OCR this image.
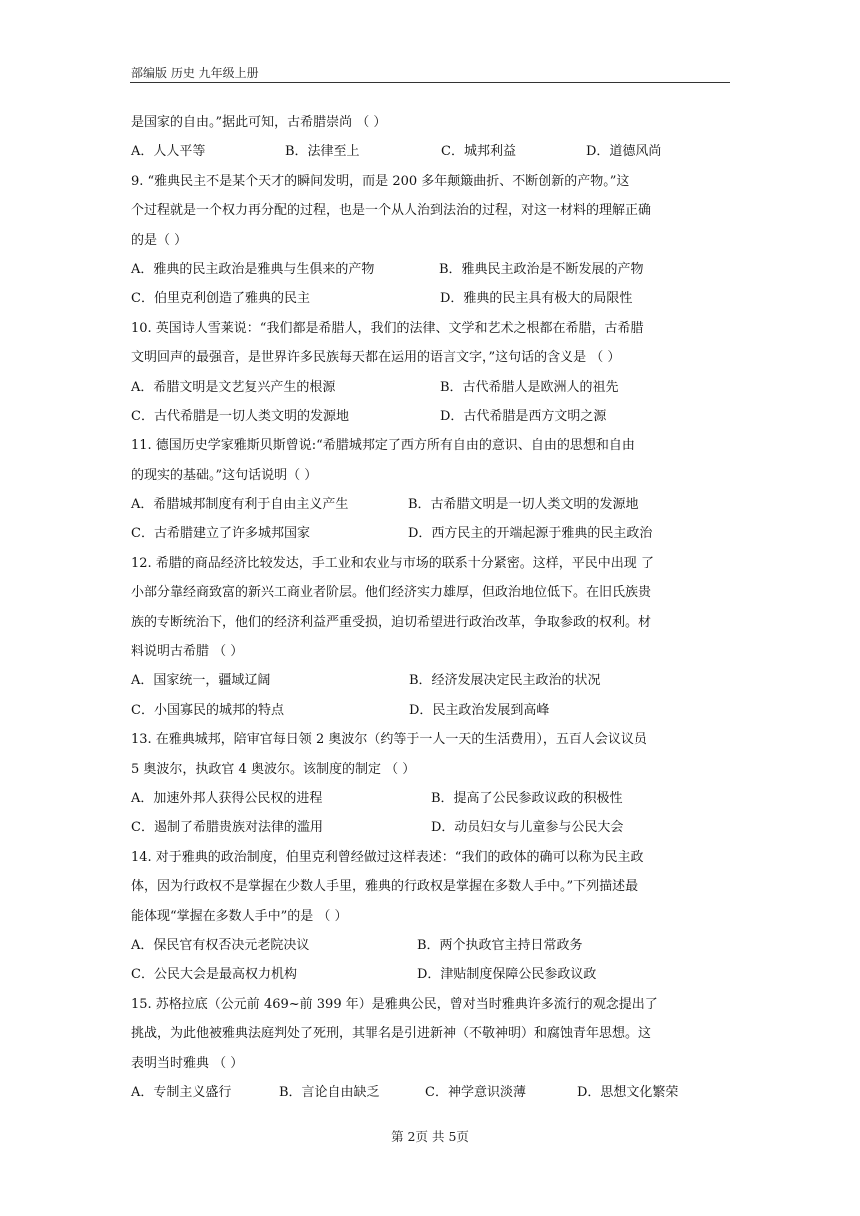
部编版 历史 九年级上册
是国家的自由。”据此可知，古希腊崇尚 （ ）
A．人人平等	B．法律至上	C．城邦利益	D．道德风尚
9. “雅典民主不是某个天才的瞬间发明，而是 200 多年颠簸曲折、不断创新的产物。”这
个过程就是一个权力再分配的过程，也是一个从人治到法治的过程，对这一材料的理解正确
的是（ ）
A．雅典的民主政治是雅典与生俱来的产物	B．雅典民主政治是不断发展的产物
C．伯里克利创造了雅典的民主	D．雅典的民主具有极大的局限性
10. 英国诗人雪莱说：“我们都是希腊人，我们的法律、文学和艺术之根都在希腊，古希腊
文明回声的最强音，是世界许多民族每天都在运用的语言文字，”这句话的含义是 （ ）
A．希腊文明是文艺复兴产生的根源	B．古代希腊人是欧洲人的祖先
C．古代希腊是一切人类文明的发源地	D．古代希腊是西方文明之源
11. 德国历史学家雅斯贝斯曾说:“希腊城邦定了西方所有自由的意识、自由的思想和自由
的现实的基础。”这句话说明（ ）
A．希腊城邦制度有利于自由主义产生	B．古希腊文明是一切人类文明的发源地
C．古希腊建立了许多城邦国家	D．西方民主的开端起源于雅典的民主政治
12. 希腊的商品经济比较发达，手工业和农业与市场的联系十分紧密。这样，平民中出现 了
小部分靠经商致富的新兴工商业者阶层。他们经济实力雄厚，但政治地位低下。在旧氏族贵
族的专断统治下，他们的经济利益严重受损，迫切希望进行政治改革，争取参政的权利。材
料说明古希腊 （ ）
A．国家统一，疆域辽阔	B．经济发展决定民主政治的状况
C．小国寡民的城邦的特点	D．民主政治发展到高峰
13. 在雅典城邦，陪审官每日领 2 奥波尔（约等于一人一天的生活费用），五百人会议议员
5 奥波尔，执政官 4 奥波尔。该制度的制定 （ ）
A．加速外邦人获得公民权的进程	B．提高了公民参政议政的积极性
C．遏制了希腊贵族对法律的滥用	D．动员妇女与儿童参与公民大会
14. 对于雅典的政治制度，伯里克利曾经做过这样表述：“我们的政体的确可以称为民主政
体，因为行政权不是掌握在少数人手里，雅典的行政权是掌握在多数人手中。”下列描述最
能体现“掌握在多数人手中”的是 （ ）
A．保民官有权否决元老院决议	B．两个执政官主持日常政务
C．公民大会是最高权力机构	D．津贴制度保障公民参政议政
15. 苏格拉底（公元前 469~前 399 年）是雅典公民，曾对当时雅典许多流行的观念提出了
挑战，为此他被雅典法庭判处了死刑，其罪名是引进新神（不敬神明）和腐蚀青年思想。这
表明当时雅典 （ ）
A．专制主义盛行	B．言论自由缺乏	C．神学意识淡薄	D．思想文化繁荣
第 2页 共 5页
